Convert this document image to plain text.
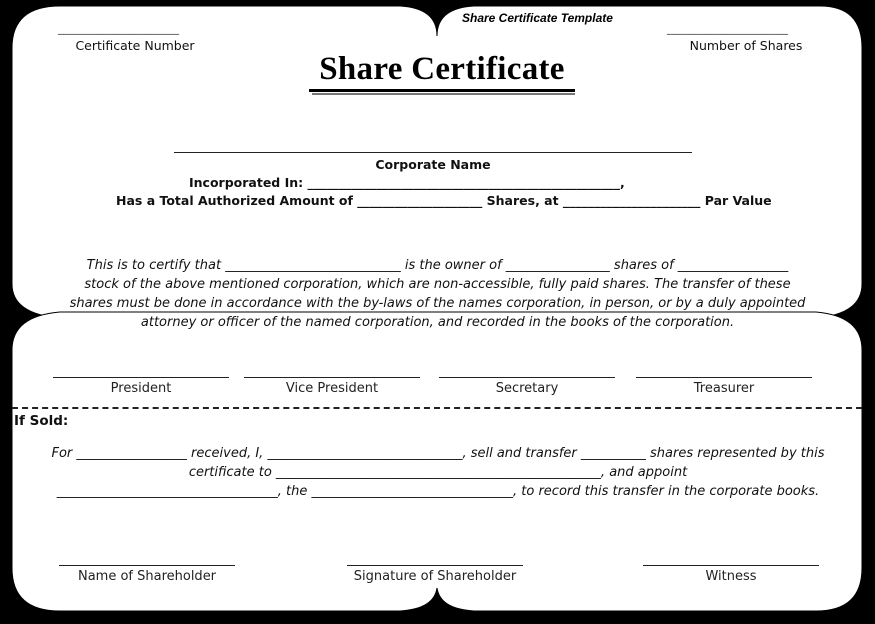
Share Certificate Template
______________________
Certificate Number
______________________
Number of Shares
Share Certificate
Corporate Name
Incorporated In: __________________________________________________,
Has a Total Authorized Amount of ____________________ Shares, at ______________________ Par Value
This is to certify that ___________________________ is the owner of ________________ shares of _________________
stock of the above mentioned corporation, which are non-accessible, fully paid shares. The transfer of these
shares must be done in accordance with the by-laws of the names corporation, in person, or by a duly appointed
attorney or officer of the named corporation, and recorded in the books of the corporation.
President	Vice President	Secretary	Treasurer
If Sold:
For _________________ received, I, ______________________________, sell and transfer __________ shares represented by this
certificate to __________________________________________________, and appoint
__________________________________, the _______________________________, to record this transfer in the corporate books.
Name of Shareholder	Signature of Shareholder	Witness
